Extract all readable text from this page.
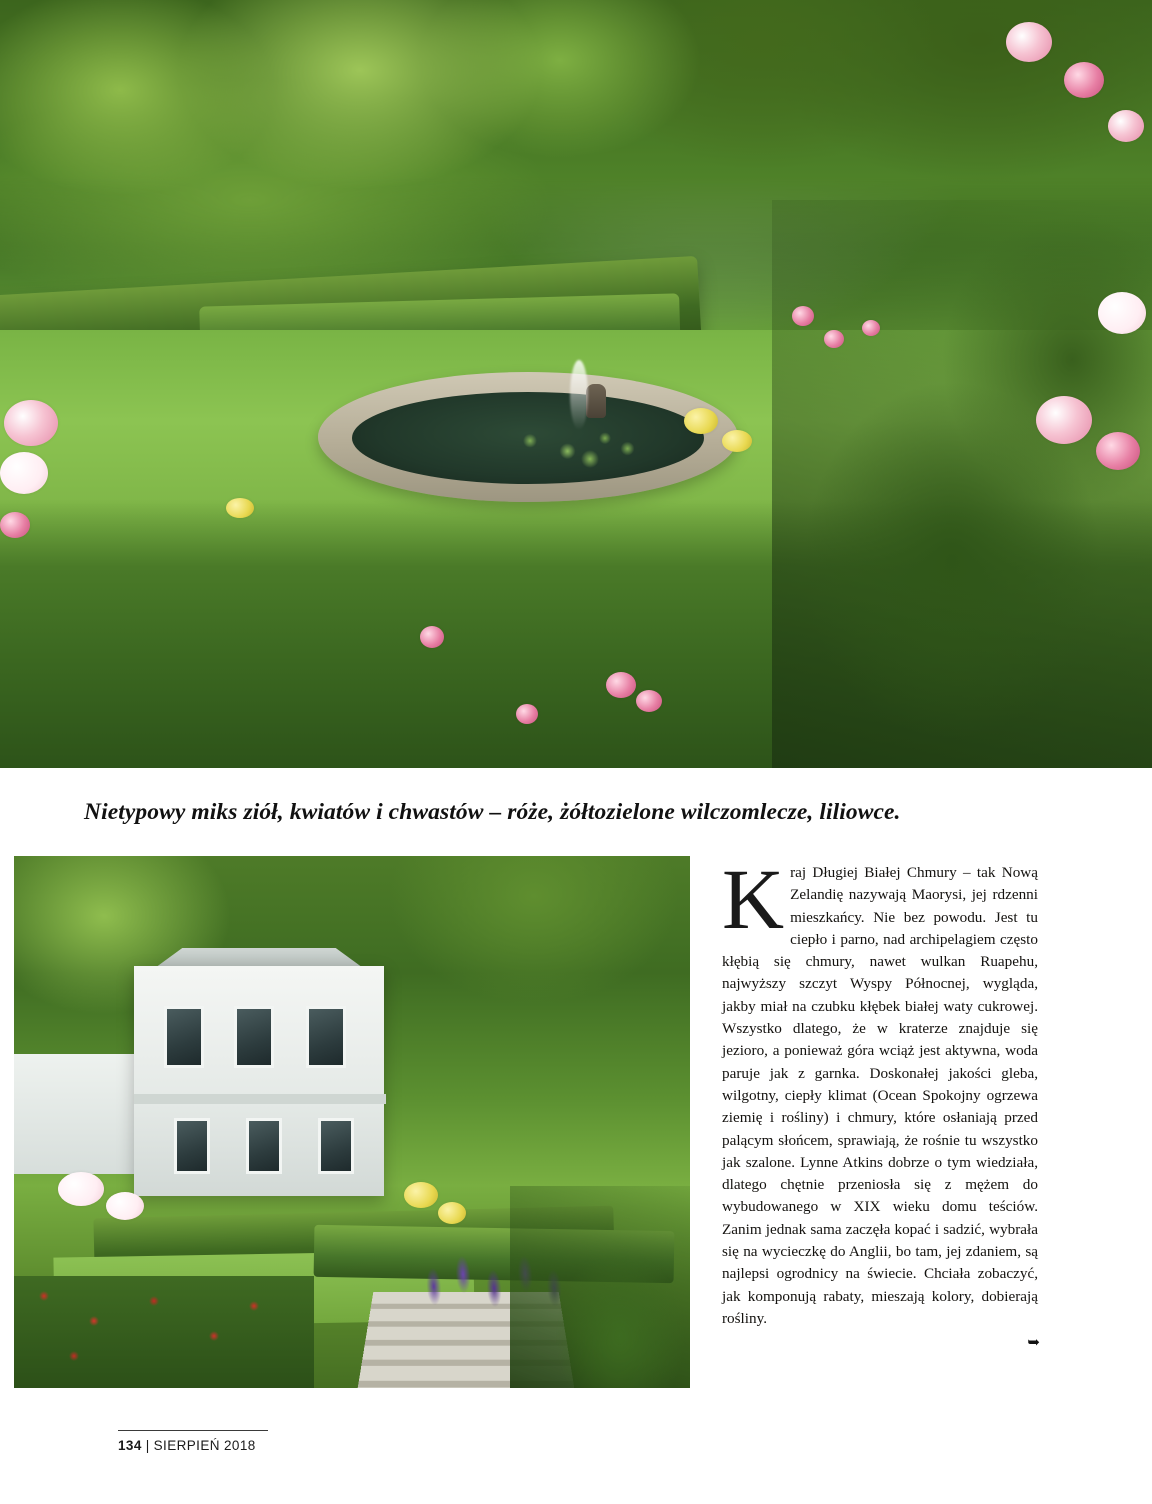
Nietypowy miks ziół, kwiatów i chwastów – róże, żółtozielone wilczomlecze, liliowce.
K raj Długiej Białej Chmury – tak Nową Zelandię nazywają Maorysi, jej rdzenni mieszkańcy. Nie bez powodu. Jest tu ciepło i parno, nad archipelagiem często kłębią się chmury, nawet wulkan Ruapehu, najwyższy szczyt Wyspy Północnej, wygląda, jakby miał na czubku kłębek białej waty cukrowej. Wszystko dlatego, że w kraterze znajduje się jezioro, a ponieważ góra wciąż jest aktywna, woda paruje jak z garnka. Doskonałej jakości gleba, wilgotny, ciepły klimat (Ocean Spokojny ogrzewa ziemię i rośliny) i chmury, które osłaniają przed palącym słońcem, sprawiają, że rośnie tu wszystko jak szalone. Lynne Atkins dobrze o tym wiedziała, dlatego chętnie przeniosła się z mężem do wybudowanego w XIX wieku domu teściów. Zanim jednak sama zaczęła kopać i sadzić, wybrała się na wycieczkę do Anglii, bo tam, jej zdaniem, są najlepsi ogrodnicy na świecie. Chciała zobaczyć, jak komponują rabaty, mieszają kolory, dobierają rośliny.

➥
134 | SIERPIEŃ 2018
